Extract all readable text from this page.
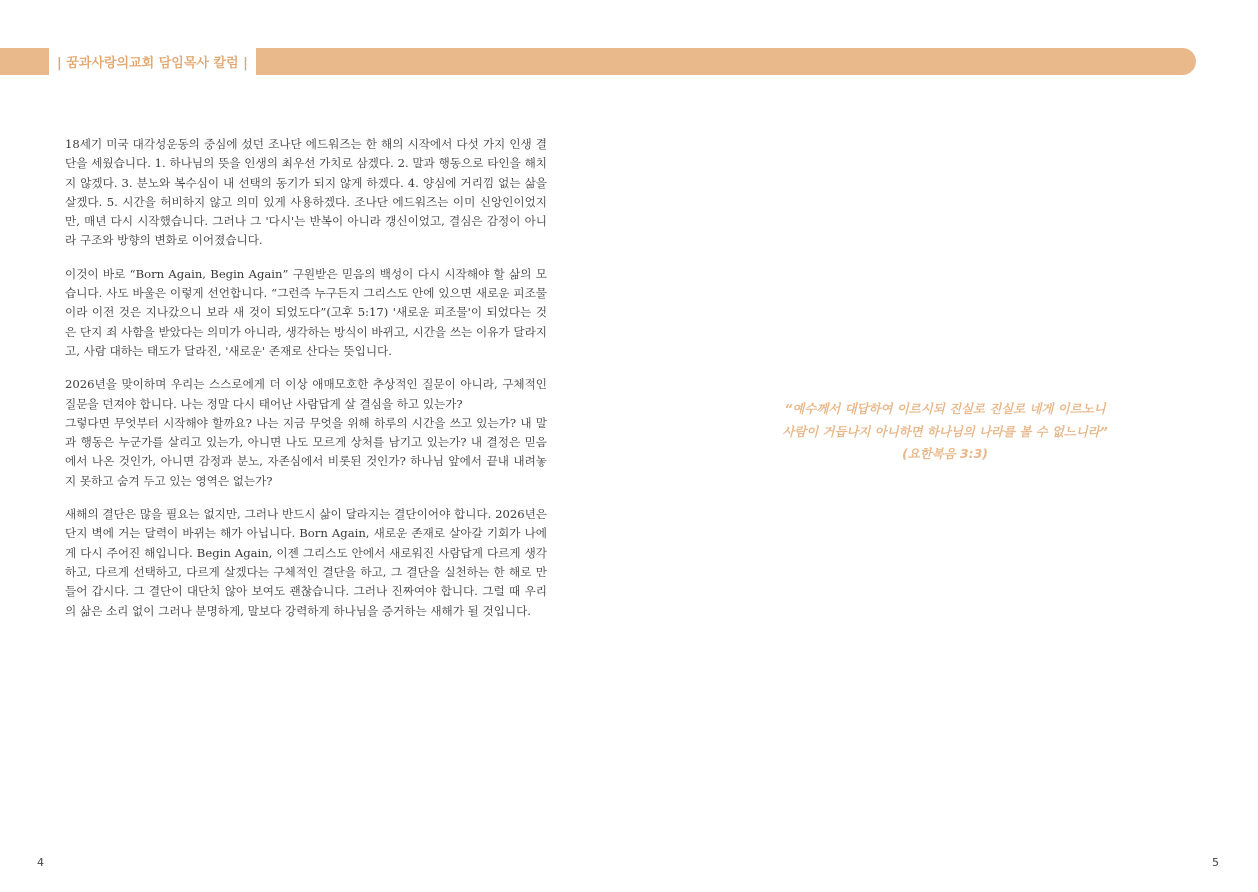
| 꿈과사랑의교회 담임목사 칼럼 |

18세기 미국 대각성운동의 중심에 섰던 조나단 에드워즈는 한 해의 시작에서 다섯 가지 인생 결단을 세웠습니다. 1. 하나님의 뜻을 인생의 최우선 가치로 삼겠다. 2. 말과 행동으로 타인을 해치지 않겠다. 3. 분노와 복수심이 내 선택의 동기가 되지 않게 하겠다. 4. 양심에 거리낌 없는 삶을 살겠다. 5. 시간을 허비하지 않고 의미 있게 사용하겠다. 조나단 에드워즈는 이미 신앙인이었지만, 매년 다시 시작했습니다. 그러나 그 '다시'는 반복이 아니라 갱신이었고, 결심은 감정이 아니라 구조와 방향의 변화로 이어졌습니다.

이것이 바로 “Born Again, Begin Again” 구원받은 믿음의 백성이 다시 시작해야 할 삶의 모습니다. 사도 바울은 이렇게 선언합니다. “그런즉 누구든지 그리스도 안에 있으면 새로운 피조물이라 이전 것은 지나갔으니 보라 새 것이 되었도다”(고후 5:17) '새로운 피조물'이 되었다는 것은 단지 죄 사함을 받았다는 의미가 아니라, 생각하는 방식이 바뀌고, 시간을 쓰는 이유가 달라지고, 사람 대하는 태도가 달라진, '새로운' 존재로 산다는 뜻입니다.

2026년을 맞이하며 우리는 스스로에게 더 이상 애매모호한 추상적인 질문이 아니라, 구체적인 질문을 던져야 합니다. 나는 정말 다시 태어난 사람답게 살 결심을 하고 있는가?
그렇다면 무엇부터 시작해야 할까요? 나는 지금 무엇을 위해 하루의 시간을 쓰고 있는가? 내 말과 행동은 누군가를 살리고 있는가, 아니면 나도 모르게 상처를 남기고 있는가? 내 결정은 믿음에서 나온 것인가, 아니면 감정과 분노, 자존심에서 비롯된 것인가? 하나님 앞에서 끝내 내려놓지 못하고 숨겨 두고 있는 영역은 없는가?

새해의 결단은 많을 필요는 없지만, 그러나 반드시 삶이 달라지는 결단이어야 합니다. 2026년은 단지 벽에 거는 달력이 바뀌는 해가 아닙니다. Born Again, 새로운 존재로 살아갈 기회가 나에게 다시 주어진 해입니다. Begin Again, 이젠 그리스도 안에서 새로워진 사람답게 다르게 생각하고, 다르게 선택하고, 다르게 살겠다는 구체적인 결단을 하고, 그 결단을 실천하는 한 해로 만들어 갑시다. 그 결단이 대단치 않아 보여도 괜찮습니다. 그러나 진짜여야 합니다. 그럴 때 우리의 삶은 소리 없이 그러나 분명하게, 말보다 강력하게 하나님을 증거하는 새해가 될 것입니다.

“예수께서 대답하여 이르시되 진실로 진실로 네게 이르노니
사람이 거듭나지 아니하면 하나님의 나라를 볼 수 없느니라”
(요한복음 3:3)
4	5
